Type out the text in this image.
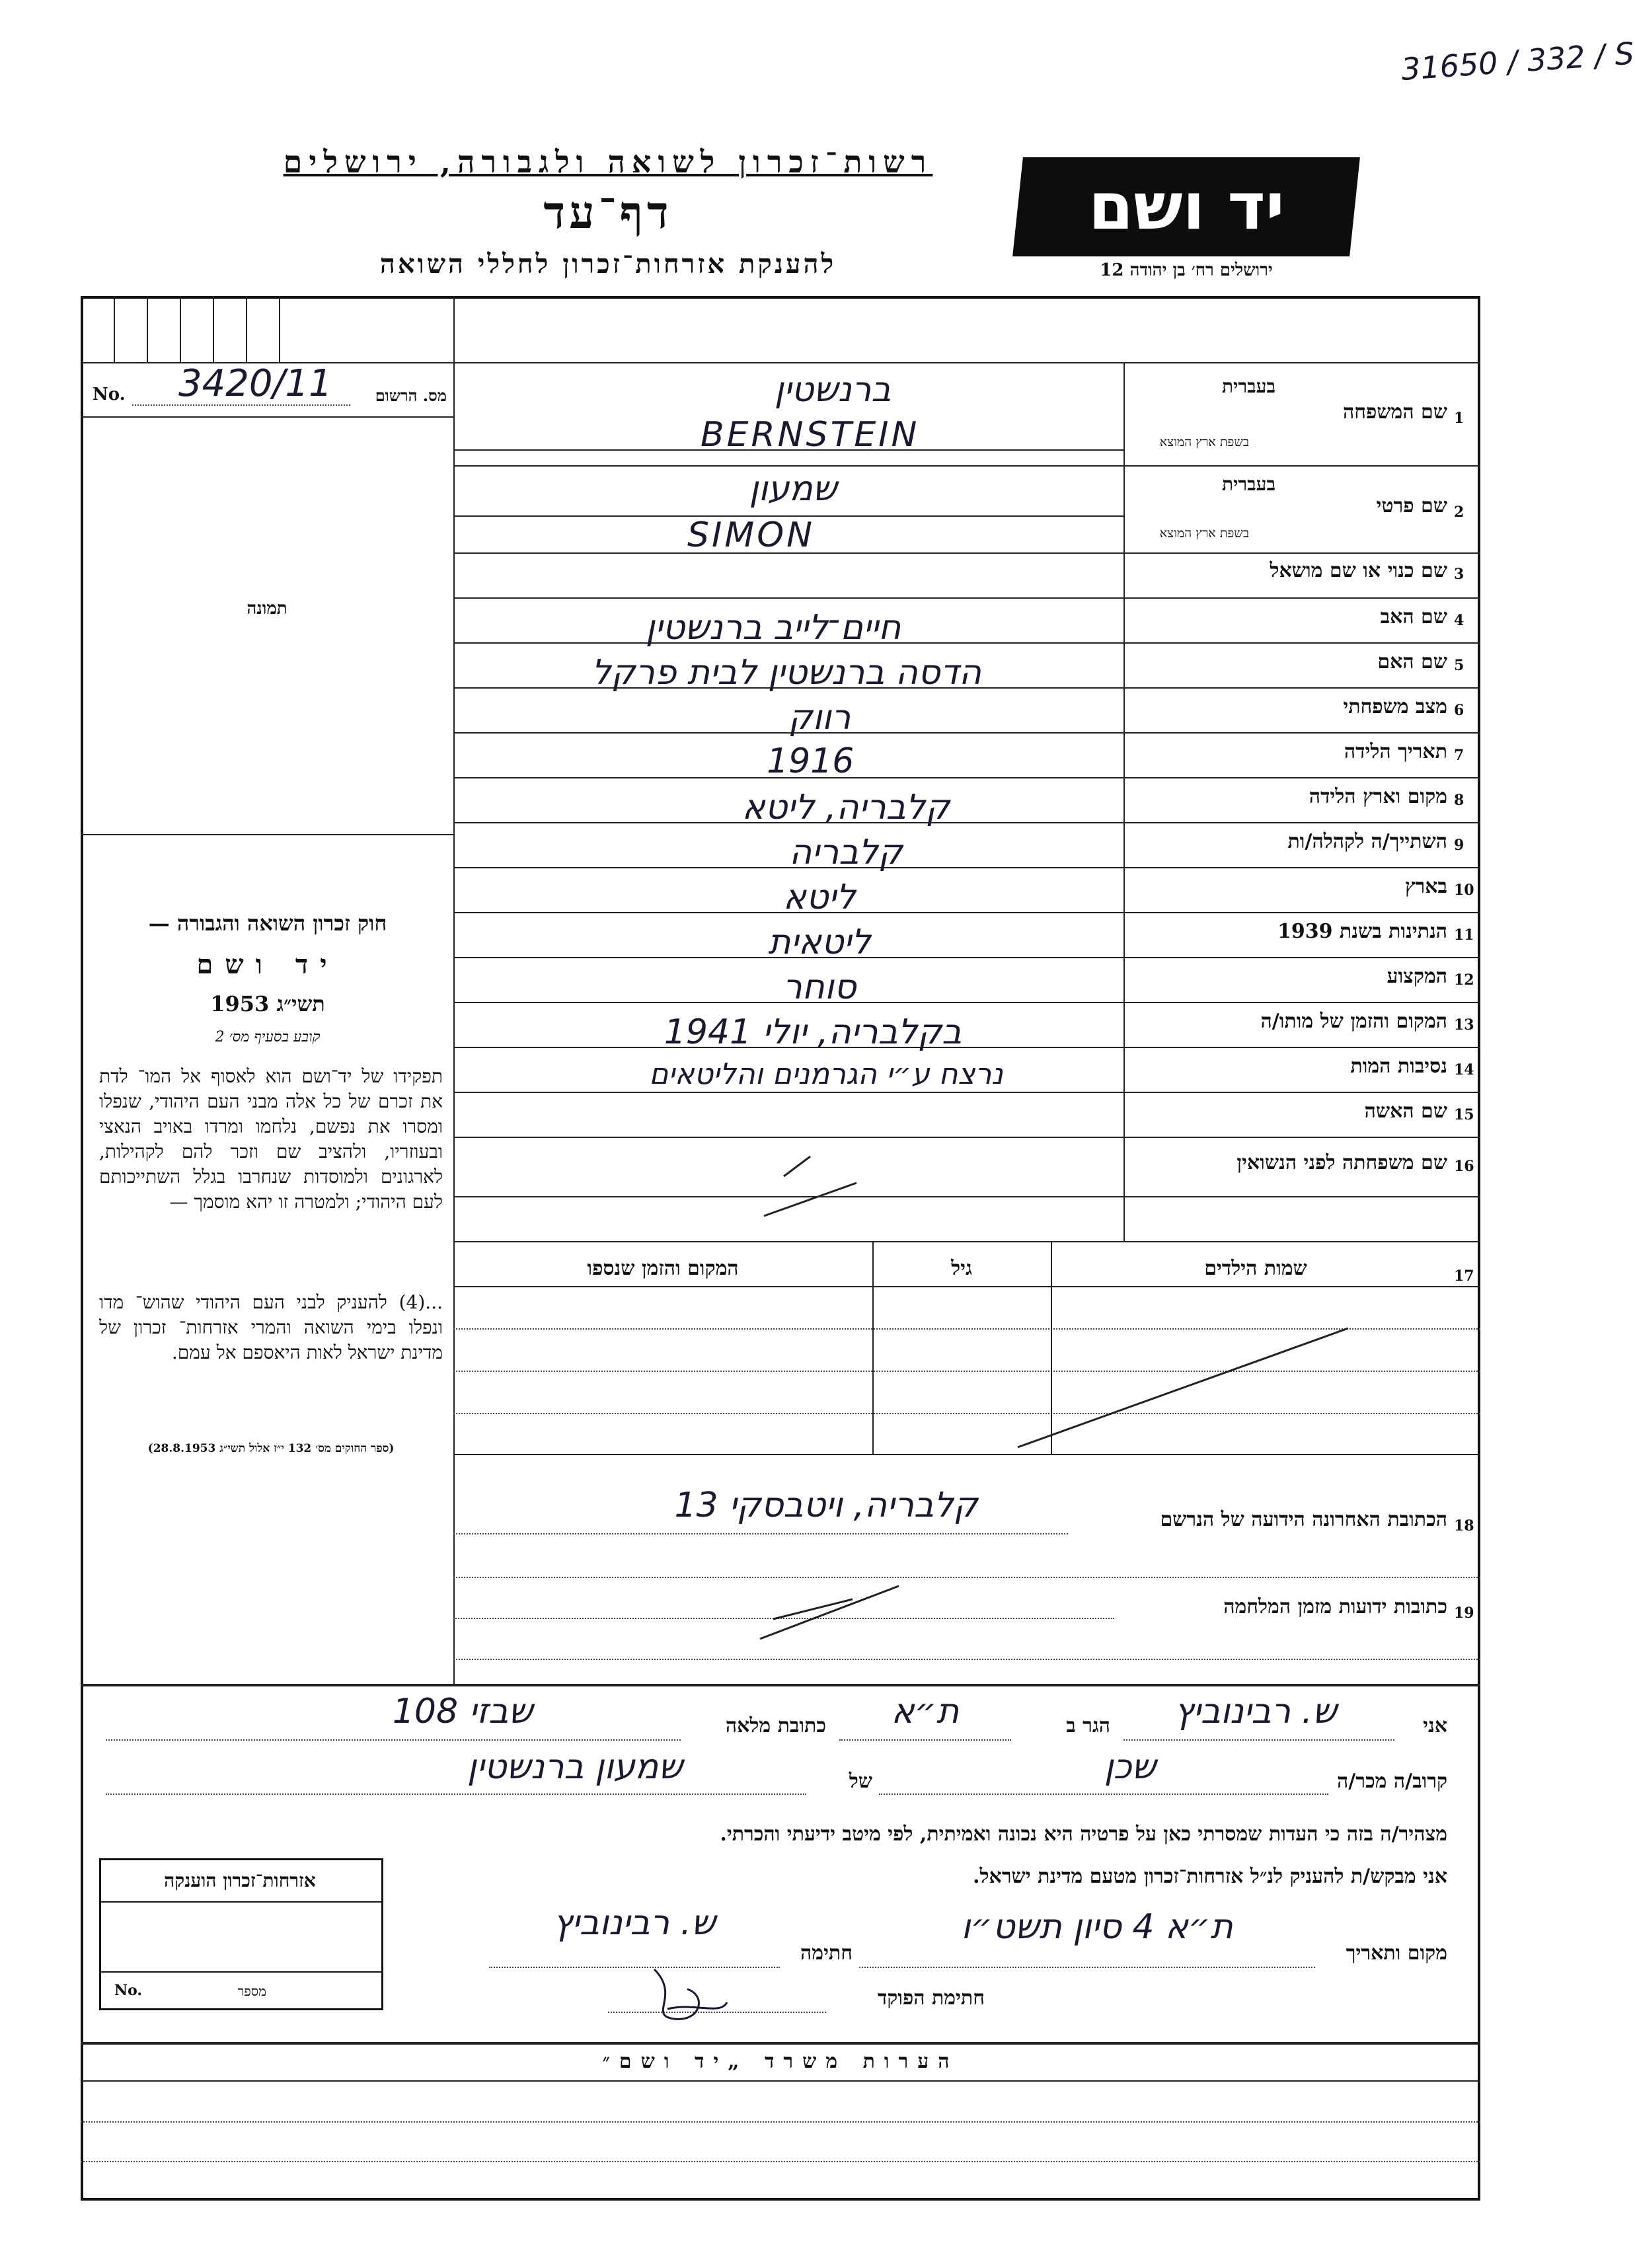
31650 / 332 / S
רשות־זכרון לשואה ולגבורה, ירושלים
דף־עד
להענקת אזרחות־זכרון לחללי השואה
יד ושם
ירושלים רח׳ בן יהודה 12
No. 3420/11	מס. הרשום
תמונה
חוק זכרון השואה והגבורה —
יד ושם
תשי״ג 1953
קובע בסעיף מס׳ 2
תפקידו של יד־ושם הוא לאסוף אל המו־ לדת את זכרם של כל אלה מבני העם היהודי, שנפלו ומסרו את נפשם, נלחמו ומרדו באויב הנאצי ובעוזריו, ולהציב שם וזכר להם לקהילות, לארגונים ולמוסדות שנחרבו בגלל השתייכותם לעם היהודי; ולמטרה זו יהא מוסמך —
...(4) להעניק לבני העם היהודי שהוש־ מדו ונפלו בימי השואה והמרי אזרחות־ זכרון של מדינת ישראל לאות היאספם אל עמם.
(ספר החוקים מס׳ 132 י״ז אלול תשי״ג 28.8.1953)
1
שם המשפחה
בעברית
בשפת ארץ המוצא
ברנשטין
BERNSTEIN
2
שם פרטי
בעברית
בשפת ארץ המוצא
שמעון
SIMON
3
שם כנוי או שם מושאל
4
שם האב
חיים־לייב ברנשטין
5
שם האם
הדסה ברנשטין לבית פרקל
6
מצב משפחתי
רווק
7
תאריך הלידה
1916
8
מקום וארץ הלידה
קלבריה, ליטא
9
השתייך/ה לקהלה/ות
קלבריה
10
בארץ
ליטא
11
הנתינות בשנת 1939
ליטאית
12
המקצוע
סוחר
13
המקום והזמן של מותו/ה
בקלבריה, יולי 1941
14
נסיבות המות
נרצח ע״י הגרמנים והליטאים
15
שם האשה
16
שם משפחתה לפני הנשואין
17
שמות הילדים
גיל
המקום והזמן שנספו
18
הכתובת האחרונה הידועה של הנרשם
קלבריה, ויטבסקי 13
19
כתובות ידועות מזמן המלחמה
אני
ש. רבינוביץ
הגר ב
ת״א
כתובת מלאה
שבזי 108
קרוב/ה מכר/ה
שכן
של
שמעון ברנשטין
מצהיר/ה בזה כי העדות שמסרתי כאן על פרטיה היא נכונה ואמיתית, לפי מיטב ידיעתי והכרתי.
אני מבקש/ת להעניק לנ״ל אזרחות־זכרון מטעם מדינת ישראל.
מקום ותאריך
ת״א 4 סיון תשט״ו
חתימה
ש. רבינוביץ
חתימת הפוקד
אזרחות־זכרון הוענקה
No.	מספר
הערות משרד „יד ושם״
